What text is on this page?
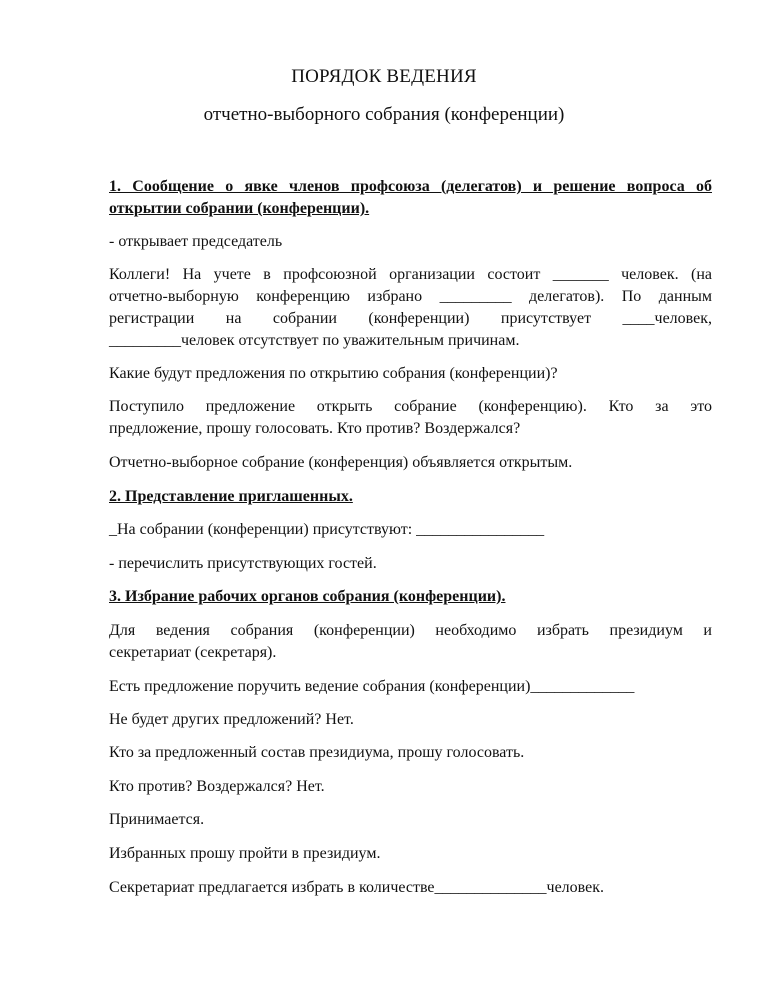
ПОРЯДОК ВЕДЕНИЯ
отчетно-выборного собрания (конференции)
1. Сообщение о явке членов профсоюза (делегатов) и решение вопроса об
открытии собрании (конференции).
- открывает председатель
Коллеги! На учете в профсоюзной организации состоит _______ человек. (на
отчетно-выборную конференцию избрано _________ делегатов). По данным
регистрации на собрании (конференции) присутствует ____человек,
_________человек отсутствует по уважительным причинам.
Какие будут предложения по открытию собрания (конференции)?
Поступило предложение открыть собрание (конференцию). Кто за это
предложение, прошу голосовать. Кто против? Воздержался?
Отчетно-выборное собрание (конференция) объявляется открытым.
2. Представление приглашенных.
_На собрании (конференции) присутствуют: ________________
- перечислить присутствующих гостей.
3. Избрание рабочих органов собрания (конференции).
Для ведения собрания (конференции) необходимо избрать президиум и
секретариат (секретаря).
Есть предложение поручить ведение собрания (конференции)_____________
Не будет других предложений? Нет.
Кто за предложенный состав президиума, прошу голосовать.
Кто против? Воздержался? Нет.
Принимается.
Избранных прошу пройти в президиум.
Секретариат предлагается избрать в количестве______________человек.
